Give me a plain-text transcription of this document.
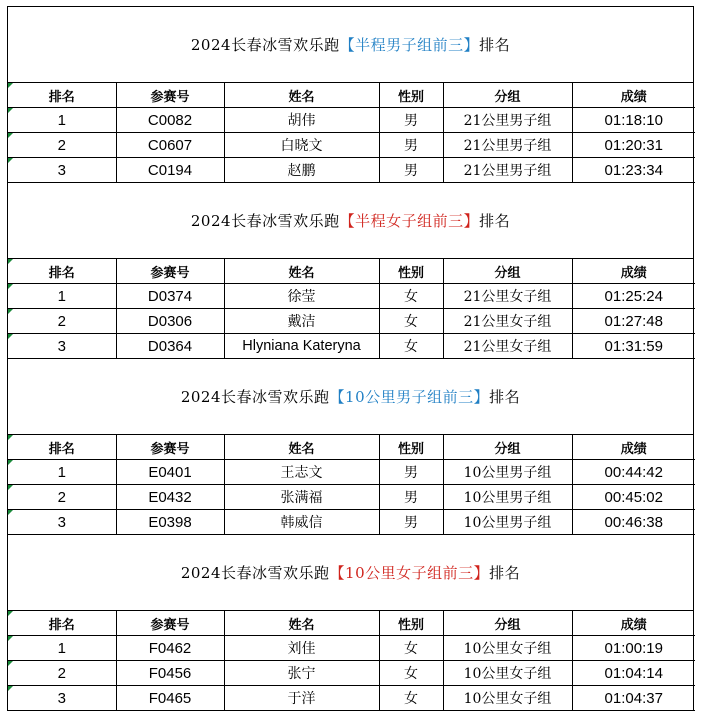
2024长春冰雪欢乐跑 【半程男子组前三】 排名
排名	参赛号	姓名	性别	分组	成绩
1	C0082	胡伟	男	21公里男子组	01:18:10
2	C0607	白晓文	男	21公里男子组	01:20:31
3	C0194	赵鹏	男	21公里男子组	01:23:34
2024长春冰雪欢乐跑 【半程女子组前三】 排名
排名	参赛号	姓名	性别	分组	成绩
1	D0374	徐莹	女	21公里女子组	01:25:24
2	D0306	戴洁	女	21公里女子组	01:27:48
3	D0364	Hlyniana Kateryna	女	21公里女子组	01:31:59
2024长春冰雪欢乐跑 【10公里男子组前三】 排名
排名	参赛号	姓名	性别	分组	成绩
1	E0401	王志文	男	10公里男子组	00:44:42
2	E0432	张满福	男	10公里男子组	00:45:02
3	E0398	韩威信	男	10公里男子组	00:46:38
2024长春冰雪欢乐跑 【10公里女子组前三】 排名
排名	参赛号	姓名	性别	分组	成绩
1	F0462	刘佳	女	10公里女子组	01:00:19
2	F0456	张宁	女	10公里女子组	01:04:14
3	F0465	于洋	女	10公里女子组	01:04:37
